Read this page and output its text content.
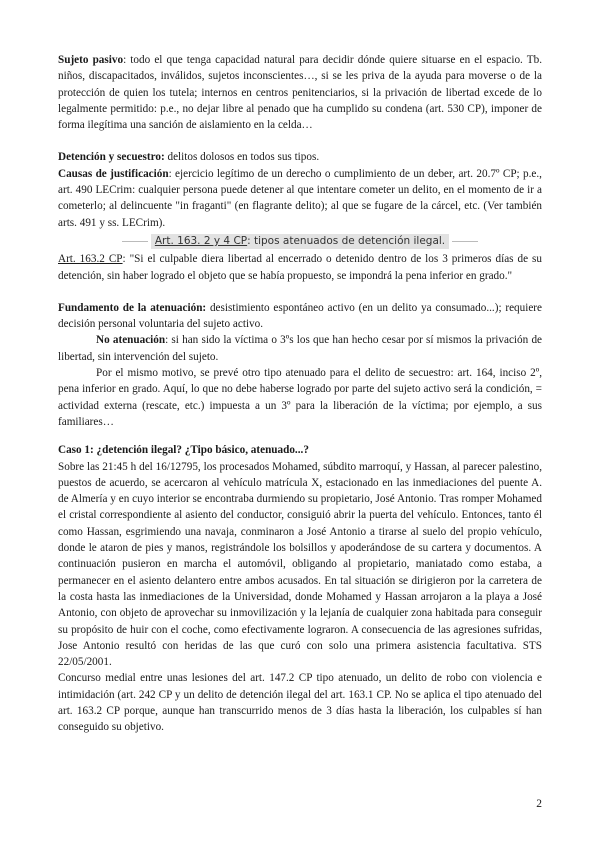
Sujeto pasivo: todo el que tenga capacidad natural para decidir dónde quiere situarse en el espacio. Tb. niños, discapacitados, inválidos, sujetos inconscientes…, si se les priva de la ayuda para moverse o de la protección de quien los tutela; internos en centros penitenciarios, si la privación de libertad excede de lo legalmente permitido: p.e., no dejar libre al penado que ha cumplido su condena (art. 530 CP), imponer de forma ilegítima una sanción de aislamiento en la celda…

Detención y secuestro: delitos dolosos en todos sus tipos.

Causas de justificación: ejercicio legítimo de un derecho o cumplimiento de un deber, art. 20.7º CP; p.e., art. 490 LECrim: cualquier persona puede detener al que intentare cometer un delito, en el momento de ir a cometerlo; al delincuente "in fraganti" (en flagrante delito); al que se fugare de la cárcel, etc. (Ver también arts. 491 y ss. LECrim).

Art. 163. 2 y 4 CP: tipos atenuados de detención ilegal.

Art. 163.2 CP: "Si el culpable diera libertad al encerrado o detenido dentro de los 3 primeros días de su detención, sin haber logrado el objeto que se había propuesto, se impondrá la pena inferior en grado."

Fundamento de la atenuación: desistimiento espontáneo activo (en un delito ya consumado...); requiere decisión personal voluntaria del sujeto activo.

No atenuación: si han sido la víctima o 3ºs los que han hecho cesar por sí mismos la privación de libertad, sin intervención del sujeto.

Por el mismo motivo, se prevé otro tipo atenuado para el delito de secuestro: art. 164, inciso 2º, pena inferior en grado. Aquí, lo que no debe haberse logrado por parte del sujeto activo será la condición, = actividad externa (rescate, etc.) impuesta a un 3º para la liberación de la víctima; por ejemplo, a sus familiares…

Caso 1: ¿detención ilegal? ¿Tipo básico, atenuado...?

Sobre las 21:45 h del 16/12795, los procesados Mohamed, súbdito marroquí, y Hassan, al parecer palestino, puestos de acuerdo, se acercaron al vehículo matrícula X, estacionado en las inmediaciones del puente A. de Almería y en cuyo interior se encontraba durmiendo su propietario, José Antonio. Tras romper Mohamed el cristal correspondiente al asiento del conductor, consiguió abrir la puerta del vehículo. Entonces, tanto él como Hassan, esgrimiendo una navaja, conminaron a José Antonio a tirarse al suelo del propio vehículo, donde le ataron de pies y manos, registrándole los bolsillos y apoderándose de su cartera y documentos. A continuación pusieron en marcha el automóvil, obligando al propietario, maniatado como estaba, a permanecer en el asiento delantero entre ambos acusados. En tal situación se dirigieron por la carretera de la costa hasta las inmediaciones de la Universidad, donde Mohamed y Hassan arrojaron a la playa a José Antonio, con objeto de aprovechar su inmovilización y la lejanía de cualquier zona habitada para conseguir su propósito de huir con el coche, como efectivamente lograron. A consecuencia de las agresiones sufridas, Jose Antonio resultó con heridas de las que curó con solo una primera asistencia facultativa. STS 22/05/2001.

Concurso medial entre unas lesiones del art. 147.2 CP tipo atenuado, un delito de robo con violencia e intimidación (art. 242 CP y un delito de detención ilegal del art. 163.1 CP. No se aplica el tipo atenuado del art. 163.2 CP porque, aunque han transcurrido menos de 3 días hasta la liberación, los culpables sí han conseguido su objetivo.

2
